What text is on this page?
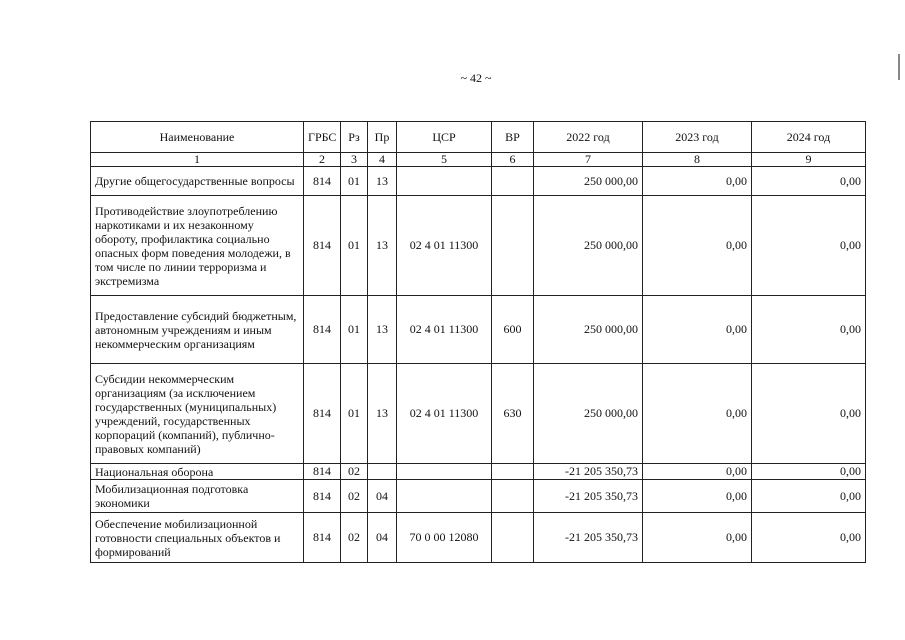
~ 42 ~
Наименование	ГРБС	Рз	Пр	ЦСР	ВР	2022 год	2023 год	2024 год
1	2	3	4	5	6	7	8	9
Другие общегосударственные вопросы	814	01	13			250 000,00	0,00	0,00
Противодействие злоупотреблению наркотиками и их незаконному обороту, профилактика социально опасных форм поведения молодежи, в том числе по линии терроризма и экстремизма	814	01	13	02 4 01 11300		250 000,00	0,00	0,00
Предоставление субсидий бюджетным, автономным учреждениям и иным некоммерческим организациям	814	01	13	02 4 01 11300	600	250 000,00	0,00	0,00
Субсидии некоммерческим организациям (за исключением государственных (муниципальных) учреждений, государственных корпораций (компаний), публично-правовых компаний)	814	01	13	02 4 01 11300	630	250 000,00	0,00	0,00
Национальная оборона	814	02				-21 205 350,73	0,00	0,00
Мобилизационная подготовка экономики	814	02	04			-21 205 350,73	0,00	0,00
Обеспечение мобилизационной готовности специальных объектов и формирований	814	02	04	70 0 00 12080		-21 205 350,73	0,00	0,00
